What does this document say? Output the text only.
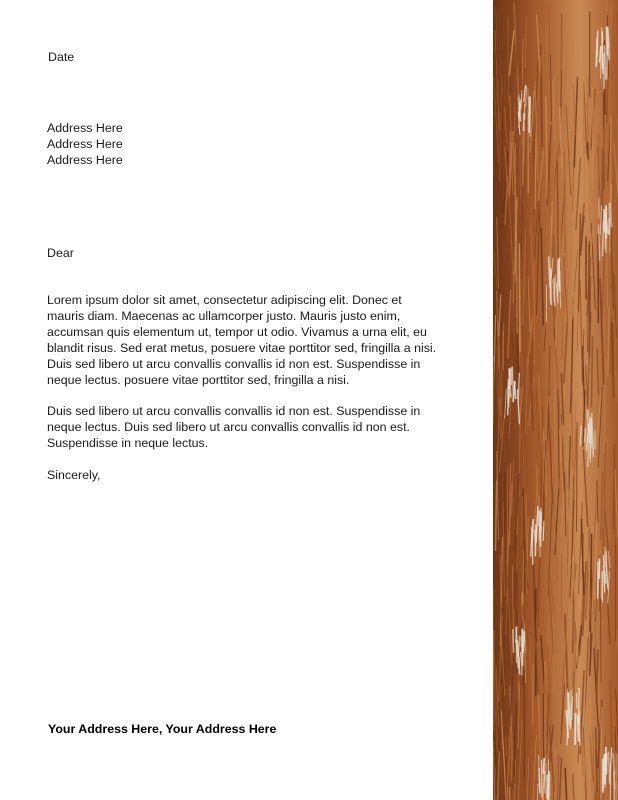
Date
Address Here
Address Here
Address Here
Dear

Lorem ipsum dolor sit amet, consectetur adipiscing elit. Donec et mauris diam. Maecenas ac ullamcorper justo. Mauris justo enim, accumsan quis elementum ut, tempor ut odio. Vivamus a urna elit, eu blandit risus. Sed erat metus, posuere vitae porttitor sed, fringilla a nisi. Duis sed libero ut arcu convallis convallis id non est. Suspendisse in neque lectus. posuere vitae porttitor sed, fringilla a nisi.

Duis sed libero ut arcu convallis convallis id non est. Suspendisse in neque lectus. Duis sed libero ut arcu convallis convallis id non est. Suspendisse in neque lectus.

Sincerely,
Your Address Here, Your Address Here
